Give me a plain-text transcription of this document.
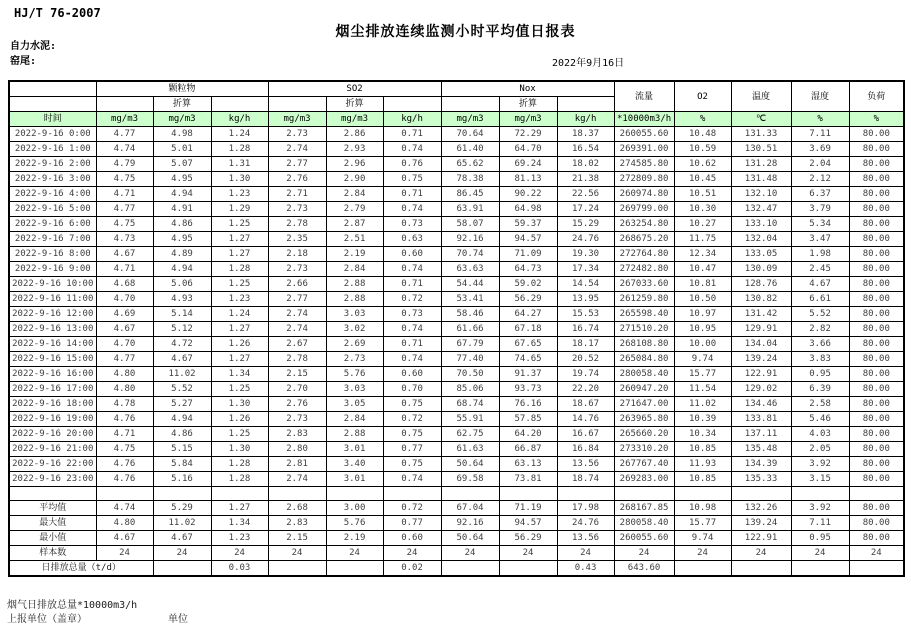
HJ/T 76-2007
烟尘排放连续监测小时平均值日报表
自力水泥:
窑尾:	2022年9月16日
	颗粒物			SO2			Nox			流量	O2	温度	湿度	负荷
		折算			折算			折算						
时间	mg/m3	mg/m3	kg/h	mg/m3	mg/m3	kg/h	mg/m3	mg/m3	kg/h	*10000m3/h	%	℃	%	%
2022-9-16 0:00	4.77	4.98	1.24	2.73	2.86	0.71	70.64	72.29	18.37	260055.60	10.48	131.33	7.11	80.00
2022-9-16 1:00	4.74	5.01	1.28	2.74	2.93	0.74	61.40	64.70	16.54	269391.00	10.59	130.51	3.69	80.00
2022-9-16 2:00	4.79	5.07	1.31	2.77	2.96	0.76	65.62	69.24	18.02	274585.80	10.62	131.28	2.04	80.00
2022-9-16 3:00	4.75	4.95	1.30	2.76	2.90	0.75	78.38	81.13	21.38	272809.80	10.45	131.48	2.12	80.00
2022-9-16 4:00	4.71	4.94	1.23	2.71	2.84	0.71	86.45	90.22	22.56	260974.80	10.51	132.10	6.37	80.00
2022-9-16 5:00	4.77	4.91	1.29	2.73	2.79	0.74	63.91	64.98	17.24	269799.00	10.30	132.47	3.79	80.00
2022-9-16 6:00	4.75	4.86	1.25	2.78	2.87	0.73	58.07	59.37	15.29	263254.80	10.27	133.10	5.34	80.00
2022-9-16 7:00	4.73	4.95	1.27	2.35	2.51	0.63	92.16	94.57	24.76	268675.20	11.75	132.04	3.47	80.00
2022-9-16 8:00	4.67	4.89	1.27	2.18	2.19	0.60	70.74	71.09	19.30	272764.80	12.34	133.05	1.98	80.00
2022-9-16 9:00	4.71	4.94	1.28	2.73	2.84	0.74	63.63	64.73	17.34	272482.80	10.47	130.09	2.45	80.00
2022-9-16 10:00	4.68	5.06	1.25	2.66	2.88	0.71	54.44	59.02	14.54	267033.60	10.81	128.76	4.67	80.00
2022-9-16 11:00	4.70	4.93	1.23	2.77	2.88	0.72	53.41	56.29	13.95	261259.80	10.50	130.82	6.61	80.00
2022-9-16 12:00	4.69	5.14	1.24	2.74	3.03	0.73	58.46	64.27	15.53	265598.40	10.97	131.42	5.52	80.00
2022-9-16 13:00	4.67	5.12	1.27	2.74	3.02	0.74	61.66	67.18	16.74	271510.20	10.95	129.91	2.82	80.00
2022-9-16 14:00	4.70	4.72	1.26	2.67	2.69	0.71	67.79	67.65	18.17	268108.80	10.00	134.04	3.66	80.00
2022-9-16 15:00	4.77	4.67	1.27	2.78	2.73	0.74	77.40	74.65	20.52	265084.80	9.74	139.24	3.83	80.00
2022-9-16 16:00	4.80	11.02	1.34	2.15	5.76	0.60	70.50	91.37	19.74	280058.40	15.77	122.91	0.95	80.00
2022-9-16 17:00	4.80	5.52	1.25	2.70	3.03	0.70	85.06	93.73	22.20	260947.20	11.54	129.02	6.39	80.00
2022-9-16 18:00	4.78	5.27	1.30	2.76	3.05	0.75	68.74	76.16	18.67	271647.00	11.02	134.46	2.58	80.00
2022-9-16 19:00	4.76	4.94	1.26	2.73	2.84	0.72	55.91	57.85	14.76	263965.80	10.39	133.81	5.46	80.00
2022-9-16 20:00	4.71	4.86	1.25	2.83	2.88	0.75	62.75	64.20	16.67	265660.20	10.34	137.11	4.03	80.00
2022-9-16 21:00	4.75	5.15	1.30	2.80	3.01	0.77	61.63	66.87	16.84	273310.20	10.85	135.48	2.05	80.00
2022-9-16 22:00	4.76	5.84	1.28	2.81	3.40	0.75	50.64	63.13	13.56	267767.40	11.93	134.39	3.92	80.00
2022-9-16 23:00	4.76	5.16	1.28	2.74	3.01	0.74	69.58	73.81	18.74	269283.00	10.85	135.33	3.15	80.00

平均值	4.74	5.29	1.27	2.68	3.00	0.72	67.04	71.19	17.98	268167.85	10.98	132.26	3.92	80.00
最大值	4.80	11.02	1.34	2.83	5.76	0.77	92.16	94.57	24.76	280058.40	15.77	139.24	7.11	80.00
最小值	4.67	4.67	1.23	2.15	2.19	0.60	50.64	56.29	13.56	260055.60	9.74	122.91	0.95	80.00
样本数	24	24	24	24	24	24	24	24	24	24	24	24	24	24
日排放总量（t/d）			0.03			0.02			0.43	643.60				
烟气日排放总量*10000m3/h
上报单位（盖章）	单位
